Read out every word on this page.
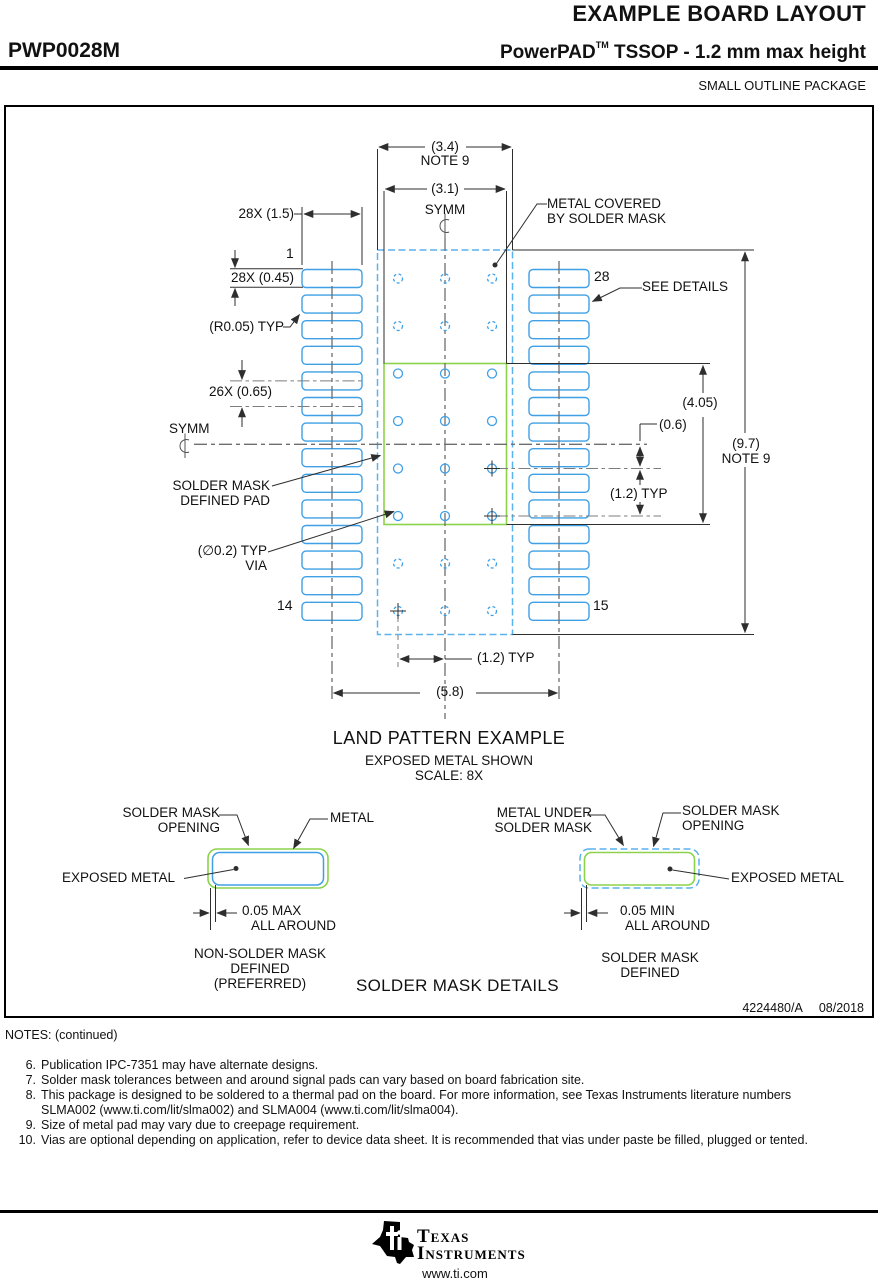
EXAMPLE BOARD LAYOUT
PWP0028M	PowerPAD™ TSSOP - 1.2 mm max height
SMALL OUTLINE PACKAGE
(3.4)
NOTE 9
(3.1)
SYMM	METAL COVERED
BY SOLDER MASK
28X (1.5)
1
28X (0.45)
(R0.05) TYP
26X (0.65)
SYMM
SOLDER MASK
DEFINED PAD
(∅0.2) TYP
VIA
14
28
SEE DETAILS
15
(4.05)
(0.6)
(9.7)
NOTE 9
(1.2) TYP
(1.2) TYP
(5.8)
LAND PATTERN EXAMPLE
EXPOSED METAL SHOWN
SCALE: 8X
SOLDER MASK
OPENING
METAL
EXPOSED METAL
0.05 MAX
ALL AROUND
NON-SOLDER MASK
DEFINED
(PREFERRED)
METAL UNDER
SOLDER MASK
SOLDER MASK
OPENING
EXPOSED METAL
0.05 MIN
ALL AROUND
SOLDER MASK
DEFINED
SOLDER MASK DETAILS
4224480/A 08/2018
NOTES: (continued)
6. Publication IPC-7351 may have alternate designs.
7. Solder mask tolerances between and around signal pads can vary based on board fabrication site.
8. This package is designed to be soldered to a thermal pad on the board. For more information, see Texas Instruments literature numbers SLMA002 (www.ti.com/lit/slma002) and SLMA004 (www.ti.com/lit/slma004).
9. Size of metal pad may vary due to creepage requirement.
10. Vias are optional depending on application, refer to device data sheet. It is recommended that vias under paste be filled, plugged or tented.
Texas
Instruments
www.ti.com
